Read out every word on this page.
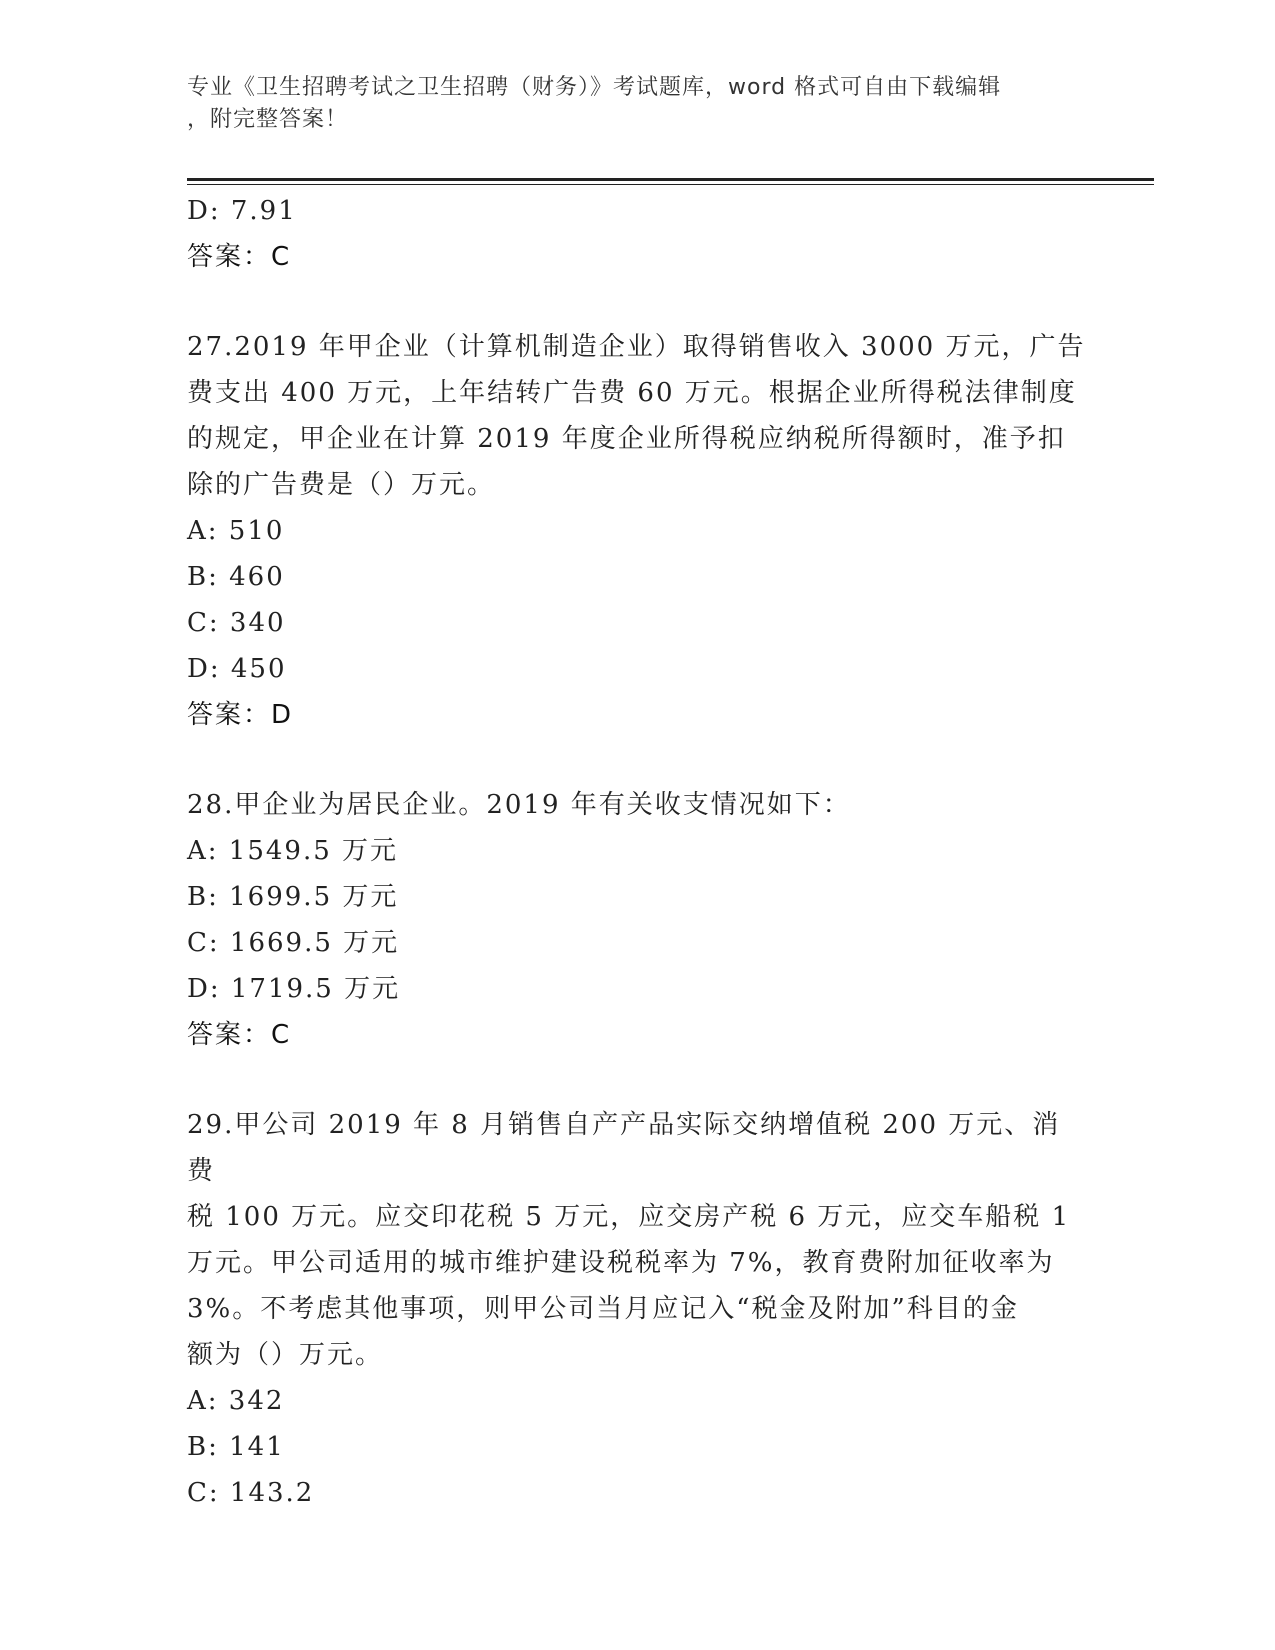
专业《卫生招聘考试之卫生招聘（财务）》考试题库，word 格式可自由下载编辑
，附完整答案！
D: 7.91
答案：C
27.2019 年甲企业（计算机制造企业）取得销售收入 3000 万元，广告
费支出 400 万元，上年结转广告费 60 万元。根据企业所得税法律制度
的规定，甲企业在计算 2019 年度企业所得税应纳税所得额时，准予扣
除的广告费是（）万元。
A: 510
B: 460
C: 340
D: 450
答案：D
28.甲企业为居民企业。2019 年有关收支情况如下：
A: 1549.5 万元
B: 1699.5 万元
C: 1669.5 万元
D: 1719.5 万元
答案：C
29.甲公司 2019 年 8 月销售自产产品实际交纳增值税 200 万元、消费
税 100 万元。应交印花税 5 万元，应交房产税 6 万元，应交车船税 1
万元。甲公司适用的城市维护建设税税率为 7%，教育费附加征收率为
3%。不考虑其他事项，则甲公司当月应记入“税金及附加”科目的金
额为（）万元。
A: 342
B: 141
C: 143.2
